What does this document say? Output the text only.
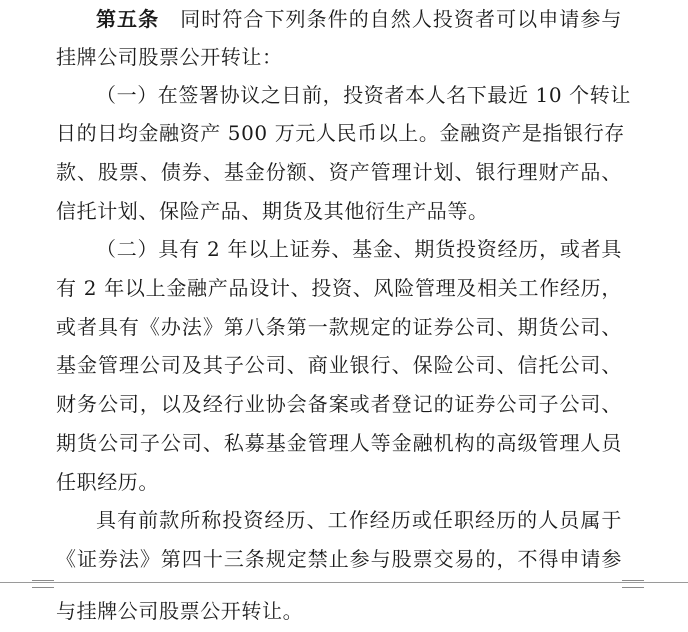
第五条  同时符合下列条件的自然人投资者可以申请参与
挂牌公司股票公开转让：
（一）在签署协议之日前，投资者本人名下最近 10 个转让
日的日均金融资产 500 万元人民币以上。金融资产是指银行存
款、股票、债券、基金份额、资产管理计划、银行理财产品、
信托计划、保险产品、期货及其他衍生产品等。
（二）具有 2 年以上证券、基金、期货投资经历，或者具
有 2 年以上金融产品设计、投资、风险管理及相关工作经历，
或者具有《办法》第八条第一款规定的证券公司、期货公司、
基金管理公司及其子公司、商业银行、保险公司、信托公司、
财务公司，以及经行业协会备案或者登记的证券公司子公司、
期货公司子公司、私募基金管理人等金融机构的高级管理人员
任职经历。
具有前款所称投资经历、工作经历或任职经历的人员属于
《证券法》第四十三条规定禁止参与股票交易的，不得申请参
与挂牌公司股票公开转让。
